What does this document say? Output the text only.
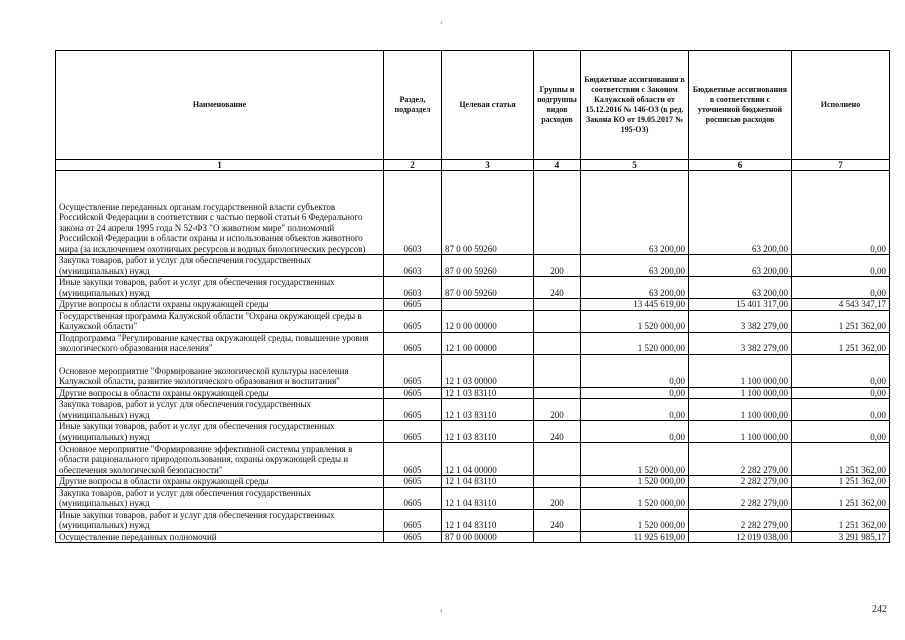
‘
Наименование	Раздел, подраздел	Целевая статья	Группы и подгруппы видов расходов	Бюджетные ассигнования в соответствии с Законом Калужской области от 15.12.2016 № 146-ОЗ (в ред. Закона КО от 19.05.2017 № 195-ОЗ)	Бюджетные ассигнования в соответствии с уточненной бюджетной росписью расходов	Исполнено
1	2	3	4	5	6	7
Осуществление переданных органам государственной власти субъектов Российской Федерации в соответствии с частью первой статьи 6 Федерального закона от 24 апреля 1995 года N 52-ФЗ "О животном мире" полномочий Российской Федерации в области охраны и использования объектов животного мира (за исключением охотничьих ресурсов и водных биологических ресурсов)	0603	87 0 00 59260		63 200,00	63 200,00	0,00
Закупка товаров, работ и услуг для обеспечения государственных (муниципальных) нужд	0603	87 0 00 59260	200	63 200,00	63 200,00	0,00
Иные закупки товаров, работ и услуг для обеспечения государственных (муниципальных) нужд	0603	87 0 00 59260	240	63 200,00	63 200,00	0,00
Другие вопросы в области охраны окружающей среды	0605			13 445 619,00	15 401 317,00	4 543 347,17
Государственная программа Калужской области "Охрана окружающей среды в Калужской области"	0605	12 0 00 00000		1 520 000,00	3 382 279,00	1 251 362,00
Подпрограмма "Регулирование качества окружающей среды, повышение уровня экологического образования населения"	0605	12 1 00 00000		1 520 000,00	3 382 279,00	1 251 362,00
Основное мероприятие "Формирование экологической культуры населения Калужской области, развитие экологического образования и воспитания"	0605	12 1 03 00000		0,00	1 100 000,00	0,00
Другие вопросы в области охраны окружающей среды	0605	12 1 03 83110		0,00	1 100 000,00	0,00
Закупка товаров, работ и услуг для обеспечения государственных (муниципальных) нужд	0605	12 1 03 83110	200	0,00	1 100 000,00	0,00
Иные закупки товаров, работ и услуг для обеспечения государственных (муниципальных) нужд	0605	12 1 03 83110	240	0,00	1 100 000,00	0,00
Основное мероприятие "Формирование эффективной системы управления в области рационального природопользования, охраны окружающей среды и обеспечения экологической безопасности"	0605	12 1 04 00000		1 520 000,00	2 282 279,00	1 251 362,00
Другие вопросы в области охраны окружающей среды	0605	12 1 04 83110		1 520 000,00	2 282 279,00	1 251 362,00
Закупка товаров, работ и услуг для обеспечения государственных (муниципальных) нужд	0605	12 1 04 83110	200	1 520 000,00	2 282 279,00	1 251 362,00
Иные закупки товаров, работ и услуг для обеспечения государственных (муниципальных) нужд	0605	12 1 04 83110	240	1 520 000,00	2 282 279,00	1 251 362,00
Осуществление переданных полномочий	0605	87 0 00 00000		11 925 619,00	12 019 038,00	3 291 985,17
‹	242
